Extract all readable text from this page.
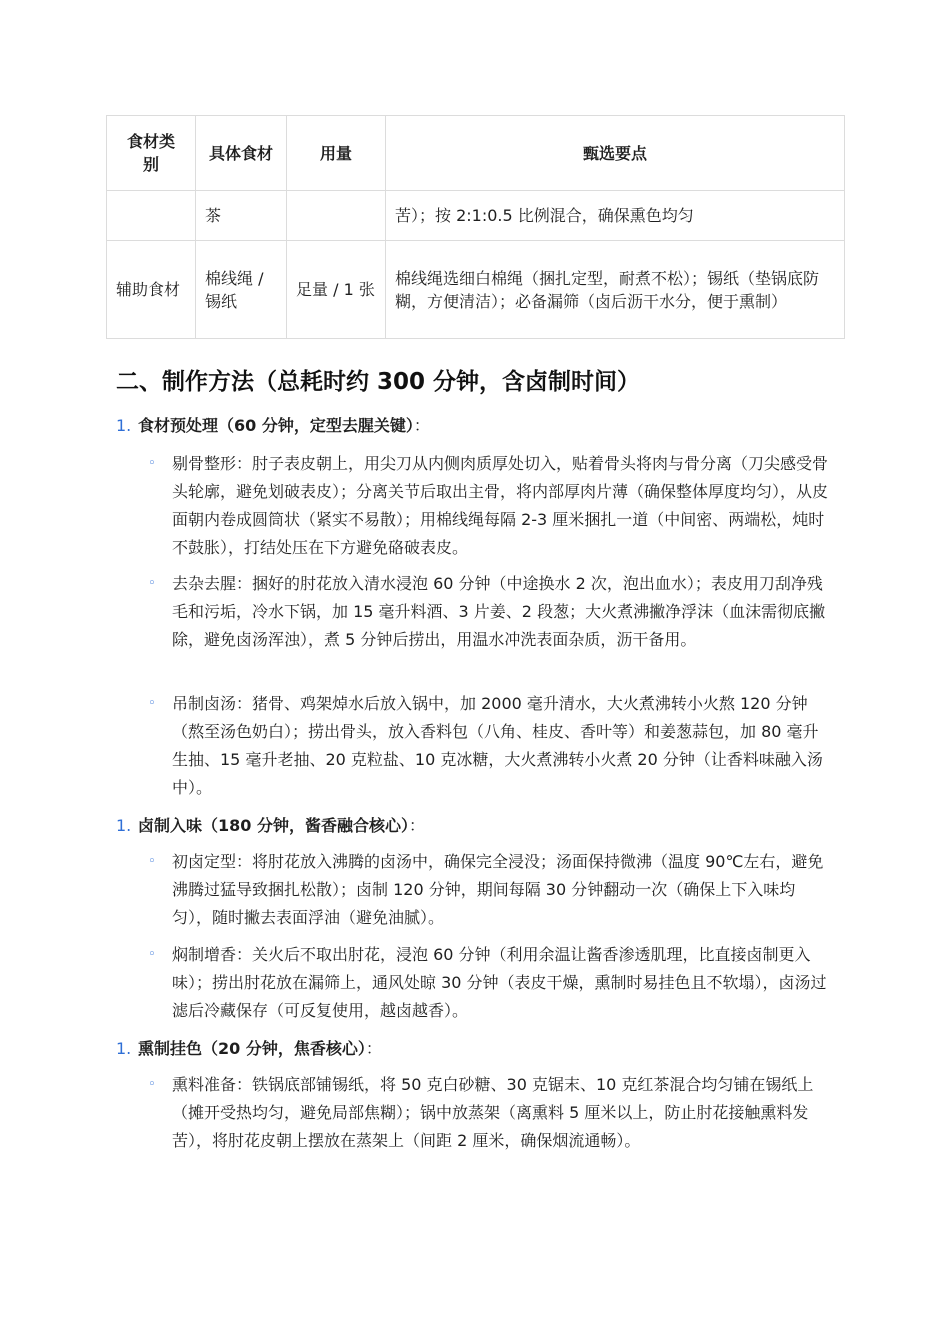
食材类别	具体食材	用量	甄选要点
	茶		苦）；按 2:1:0.5 比例混合，确保熏色均匀
辅助食材	棉线绳 / 锡纸	足量 / 1 张	棉线绳选细白棉绳（捆扎定型，耐煮不松）；锡纸（垫锅底防糊，方便清洁）；必备漏筛（卤后沥干水分，便于熏制）
二、制作方法（总耗时约 300 分钟，含卤制时间）
1. 食材预处理（60 分钟，定型去腥关键）：
◦	剔骨整形：肘子表皮朝上，用尖刀从内侧肉质厚处切入，贴着骨头将肉与骨分离（刀尖感受骨头轮廓，避免划破表皮）；分离关节后取出主骨，将内部厚肉片薄（确保整体厚度均匀），从皮面朝内卷成圆筒状（紧实不易散）；用棉线绳每隔 2-3 厘米捆扎一道（中间密、两端松，炖时不鼓胀），打结处压在下方避免硌破表皮。
◦	去杂去腥：捆好的肘花放入清水浸泡 60 分钟（中途换水 2 次，泡出血水）；表皮用刀刮净残毛和污垢，冷水下锅，加 15 毫升料酒、3 片姜、2 段葱；大火煮沸撇净浮沫（血沫需彻底撇除，避免卤汤浑浊），煮 5 分钟后捞出，用温水冲洗表面杂质，沥干备用。
◦	吊制卤汤：猪骨、鸡架焯水后放入锅中，加 2000 毫升清水，大火煮沸转小火熬 120 分钟（熬至汤色奶白）；捞出骨头，放入香料包（八角、桂皮、香叶等）和姜葱蒜包，加 80 毫升生抽、15 毫升老抽、20 克粒盐、10 克冰糖，大火煮沸转小火煮 20 分钟（让香料味融入汤中）。
1. 卤制入味（180 分钟，酱香融合核心）：
◦	初卤定型：将肘花放入沸腾的卤汤中，确保完全浸没；汤面保持微沸（温度 90℃左右，避免沸腾过猛导致捆扎松散）；卤制 120 分钟，期间每隔 30 分钟翻动一次（确保上下入味均匀），随时撇去表面浮油（避免油腻）。
◦	焖制增香：关火后不取出肘花，浸泡 60 分钟（利用余温让酱香渗透肌理，比直接卤制更入味）；捞出肘花放在漏筛上，通风处晾 30 分钟（表皮干燥，熏制时易挂色且不软塌），卤汤过滤后冷藏保存（可反复使用，越卤越香）。
1. 熏制挂色（20 分钟，焦香核心）：
◦	熏料准备：铁锅底部铺锡纸，将 50 克白砂糖、30 克锯末、10 克红茶混合均匀铺在锡纸上（摊开受热均匀，避免局部焦糊）；锅中放蒸架（离熏料 5 厘米以上，防止肘花接触熏料发苦），将肘花皮朝上摆放在蒸架上（间距 2 厘米，确保烟流通畅）。
